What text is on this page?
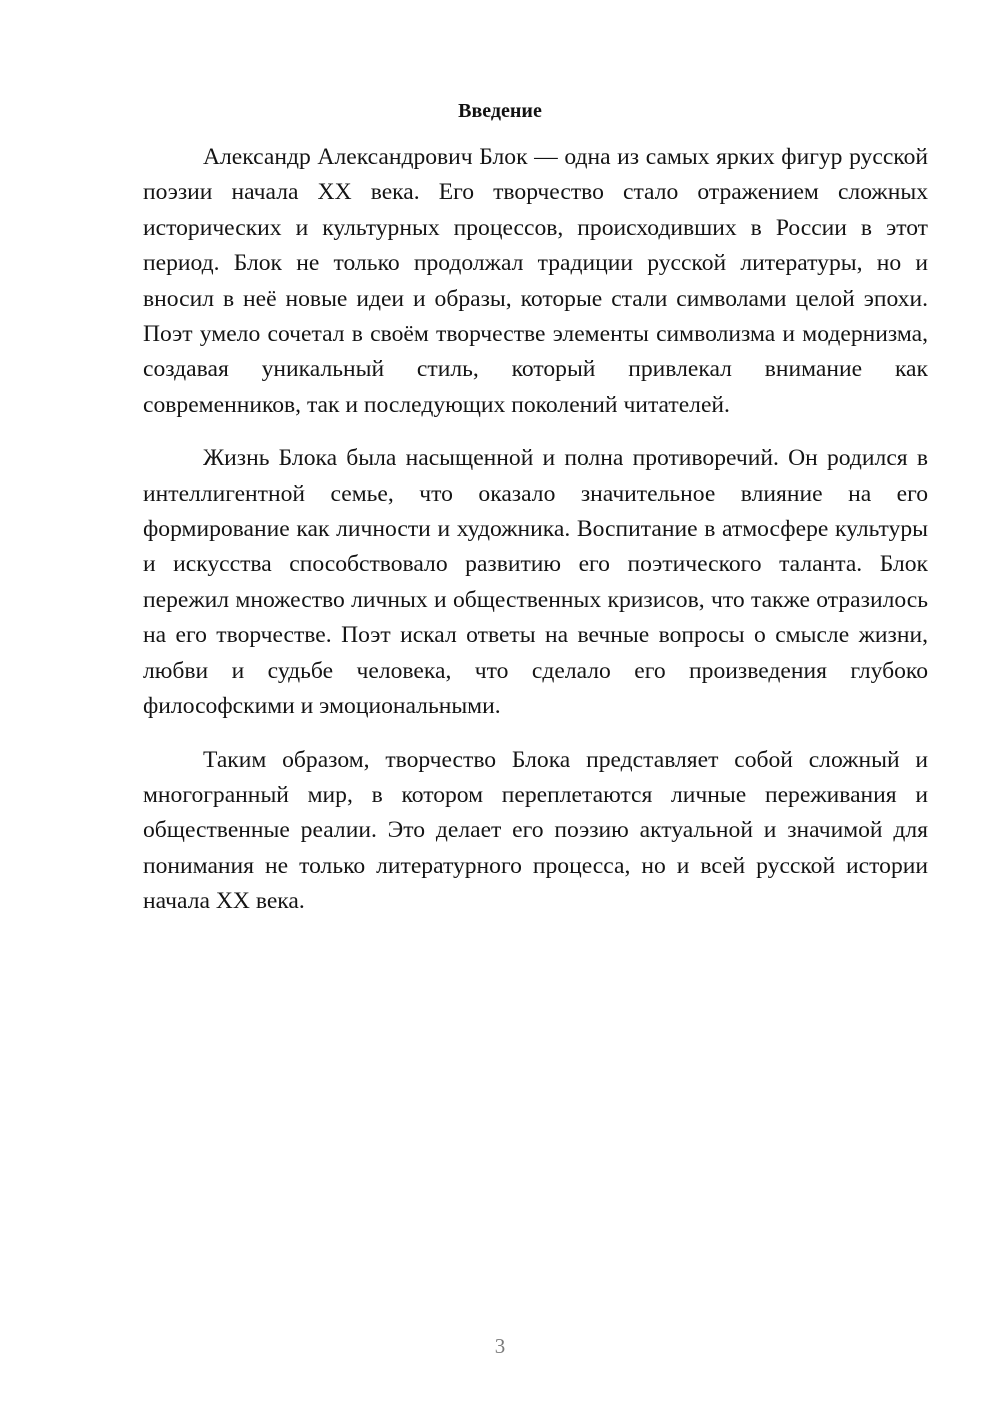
Введение

Александр Александрович Блок — одна из самых ярких фигур русской поэзии начала XX века. Его творчество стало отражением сложных исторических и культурных процессов, происходивших в России в этот период. Блок не только продолжал традиции русской литературы, но и вносил в неё новые идеи и образы, которые стали символами целой эпохи. Поэт умело сочетал в своём творчестве элементы символизма и модернизма, создавая уникальный стиль, который привлекал внимание как современников, так и последующих поколений читателей.

Жизнь Блока была насыщенной и полна противоречий. Он родился в интеллигентной семье, что оказало значительное влияние на его формирование как личности и художника. Воспитание в атмосфере культуры и искусства способствовало развитию его поэтического таланта. Блок пережил множество личных и общественных кризисов, что также отразилось на его творчестве. Поэт искал ответы на вечные вопросы о смысле жизни, любви и судьбе человека, что сделало его произведения глубоко философскими и эмоциональными.

Таким образом, творчество Блока представляет собой сложный и многогранный мир, в котором переплетаются личные переживания и общественные реалии. Это делает его поэзию актуальной и значимой для понимания не только литературного процесса, но и всей русской истории начала XX века.

3
